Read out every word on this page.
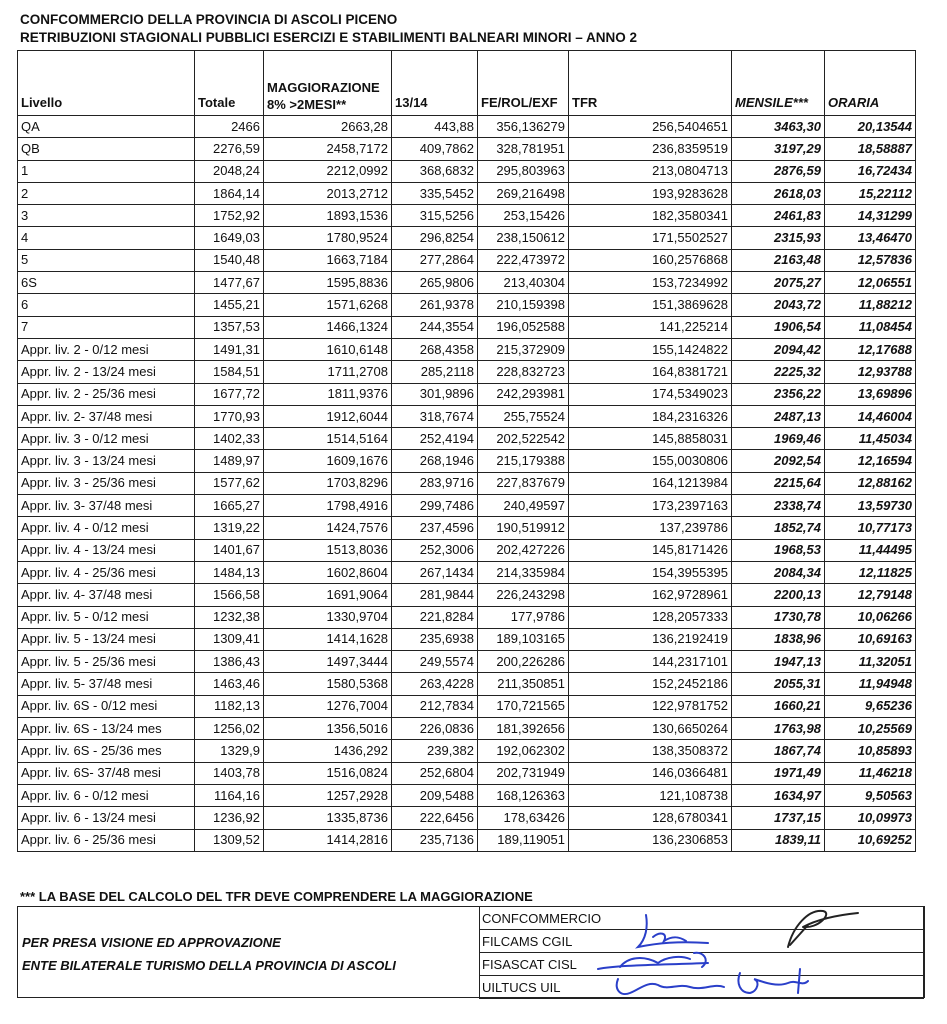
CONFCOMMERCIO DELLA PROVINCIA DI ASCOLI PICENO
RETRIBUZIONI STAGIONALI PUBBLICI ESERCIZI E STABILIMENTI BALNEARI MINORI – ANNO 2
Livello	Totale	MAGGIORAZIONE 8% >2MESI**	13/14	FE/ROL/EXF	TFR	MENSILE***	ORARIA
QA	2466	2663,28	443,88	356,136279	256,5404651	3463,30	20,13544
QB	2276,59	2458,7172	409,7862	328,781951	236,8359519	3197,29	18,58887
1	2048,24	2212,0992	368,6832	295,803963	213,0804713	2876,59	16,72434
2	1864,14	2013,2712	335,5452	269,216498	193,9283628	2618,03	15,22112
3	1752,92	1893,1536	315,5256	253,15426	182,3580341	2461,83	14,31299
4	1649,03	1780,9524	296,8254	238,150612	171,5502527	2315,93	13,46470
5	1540,48	1663,7184	277,2864	222,473972	160,2576868	2163,48	12,57836
6S	1477,67	1595,8836	265,9806	213,40304	153,7234992	2075,27	12,06551
6	1455,21	1571,6268	261,9378	210,159398	151,3869628	2043,72	11,88212
7	1357,53	1466,1324	244,3554	196,052588	141,225214	1906,54	11,08454
Appr. liv. 2 - 0/12 mesi	1491,31	1610,6148	268,4358	215,372909	155,1424822	2094,42	12,17688
Appr. liv. 2 - 13/24 mesi	1584,51	1711,2708	285,2118	228,832723	164,8381721	2225,32	12,93788
Appr. liv. 2 - 25/36 mesi	1677,72	1811,9376	301,9896	242,293981	174,5349023	2356,22	13,69896
Appr. liv. 2- 37/48 mesi	1770,93	1912,6044	318,7674	255,75524	184,2316326	2487,13	14,46004
Appr. liv. 3 - 0/12 mesi	1402,33	1514,5164	252,4194	202,522542	145,8858031	1969,46	11,45034
Appr. liv. 3 - 13/24 mesi	1489,97	1609,1676	268,1946	215,179388	155,0030806	2092,54	12,16594
Appr. liv. 3 - 25/36 mesi	1577,62	1703,8296	283,9716	227,837679	164,1213984	2215,64	12,88162
Appr. liv. 3- 37/48 mesi	1665,27	1798,4916	299,7486	240,49597	173,2397163	2338,74	13,59730
Appr. liv. 4 - 0/12 mesi	1319,22	1424,7576	237,4596	190,519912	137,239786	1852,74	10,77173
Appr. liv. 4 - 13/24 mesi	1401,67	1513,8036	252,3006	202,427226	145,8171426	1968,53	11,44495
Appr. liv. 4 - 25/36 mesi	1484,13	1602,8604	267,1434	214,335984	154,3955395	2084,34	12,11825
Appr. liv. 4- 37/48 mesi	1566,58	1691,9064	281,9844	226,243298	162,9728961	2200,13	12,79148
Appr. liv. 5 - 0/12 mesi	1232,38	1330,9704	221,8284	177,9786	128,2057333	1730,78	10,06266
Appr. liv. 5 - 13/24 mesi	1309,41	1414,1628	235,6938	189,103165	136,2192419	1838,96	10,69163
Appr. liv. 5 - 25/36 mesi	1386,43	1497,3444	249,5574	200,226286	144,2317101	1947,13	11,32051
Appr. liv. 5- 37/48 mesi	1463,46	1580,5368	263,4228	211,350851	152,2452186	2055,31	11,94948
Appr. liv. 6S - 0/12 mesi	1182,13	1276,7004	212,7834	170,721565	122,9781752	1660,21	9,65236
Appr. liv. 6S - 13/24 mes	1256,02	1356,5016	226,0836	181,392656	130,6650264	1763,98	10,25569
Appr. liv. 6S - 25/36 mes	1329,9	1436,292	239,382	192,062302	138,3508372	1867,74	10,85893
Appr. liv. 6S- 37/48 mesi	1403,78	1516,0824	252,6804	202,731949	146,0366481	1971,49	11,46218
Appr. liv. 6 - 0/12 mesi	1164,16	1257,2928	209,5488	168,126363	121,108738	1634,97	9,50563
Appr. liv. 6 - 13/24 mesi	1236,92	1335,8736	222,6456	178,63426	128,6780341	1737,15	10,09973
Appr. liv. 6 - 25/36 mesi	1309,52	1414,2816	235,7136	189,119051	136,2306853	1839,11	10,69252
*** LA BASE DEL CALCOLO DEL TFR DEVE COMPRENDERE LA MAGGIORAZIONE
PER PRESA VISIONE ED APPROVAZIONE
ENTE BILATERALE TURISMO DELLA PROVINCIA DI ASCOLI
CONFCOMMERCIO
FILCAMS CGIL
FISASCAT CISL
UILTUCS UIL
